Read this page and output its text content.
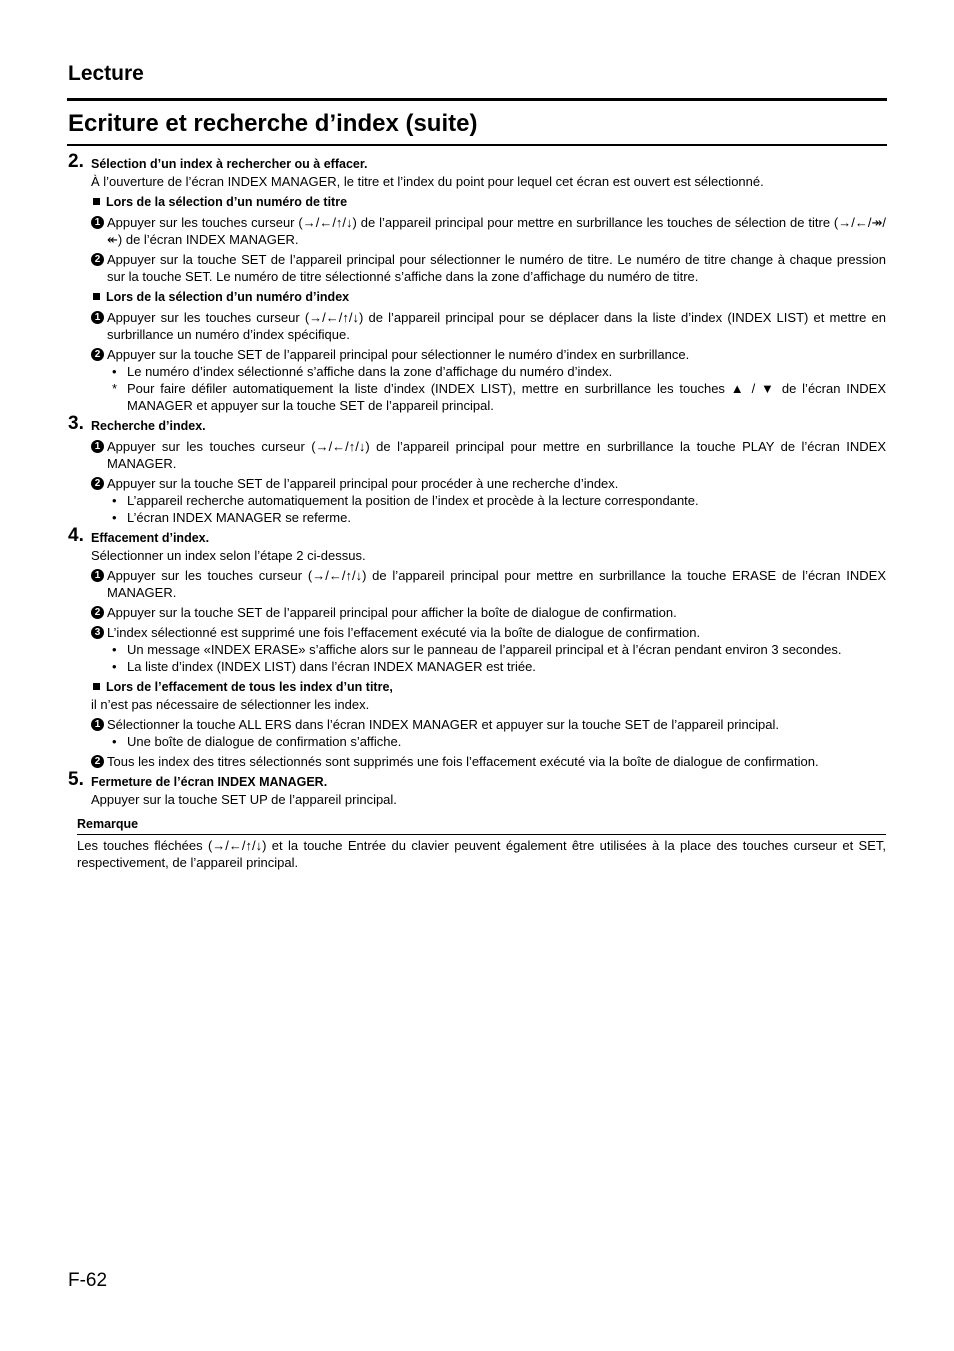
Lecture
Ecriture et recherche d’index (suite)
2. Sélection d’un index à rechercher ou à effacer.
À l’ouverture de l’écran INDEX MANAGER, le titre et l’index du point pour lequel cet écran est ouvert est sélectionné.
Lors de la sélection d’un numéro de titre
1 Appuyer sur les touches curseur (→/←/↑/↓) de l’appareil principal pour mettre en surbrillance les touches de sélection de titre (→/←/↠/↞) de l’écran INDEX MANAGER.
2 Appuyer sur la touche SET de l’appareil principal pour sélectionner le numéro de titre. Le numéro de titre change à chaque pression sur la touche SET. Le numéro de titre sélectionné s’affiche dans la zone d’affichage du numéro de titre.
Lors de la sélection d’un numéro d’index
1 Appuyer sur les touches curseur (→/←/↑/↓) de l’appareil principal pour se déplacer dans la liste d’index (INDEX LIST) et mettre en surbrillance un numéro d’index spécifique.
2 Appuyer sur la touche SET de l’appareil principal pour sélectionner le numéro d’index en surbrillance.
• Le numéro d’index sélectionné s’affiche dans la zone d’affichage du numéro d’index.
* Pour faire défiler automatiquement la liste d’index (INDEX LIST), mettre en surbrillance les touches ▲ / ▼ de l’écran INDEX MANAGER et appuyer sur la touche SET de l’appareil principal.
3. Recherche d’index.
1 Appuyer sur les touches curseur (→/←/↑/↓) de l’appareil principal pour mettre en surbrillance la touche PLAY de l’écran INDEX MANAGER.
2 Appuyer sur la touche SET de l’appareil principal pour procéder à une recherche d’index.
• L’appareil recherche automatiquement la position de l’index et procède à la lecture correspondante.
• L’écran INDEX MANAGER se referme.
4. Effacement d’index.
Sélectionner un index selon l’étape 2 ci-dessus.
1 Appuyer sur les touches curseur (→/←/↑/↓) de l’appareil principal pour mettre en surbrillance la touche ERASE de l’écran INDEX MANAGER.
2 Appuyer sur la touche SET de l’appareil principal pour afficher la boîte de dialogue de confirmation.
3 L’index sélectionné est supprimé une fois l’effacement exécuté via la boîte de dialogue de confirmation.
• Un message «INDEX ERASE» s’affiche alors sur le panneau de l’appareil principal et à l’écran pendant environ 3 secondes.
• La liste d’index (INDEX LIST) dans l’écran INDEX MANAGER est triée.
Lors de l’effacement de tous les index d’un titre,
il n’est pas nécessaire de sélectionner les index.
1 Sélectionner la touche ALL ERS dans l’écran INDEX MANAGER et appuyer sur la touche SET de l’appareil principal.
• Une boîte de dialogue de confirmation s’affiche.
2 Tous les index des titres sélectionnés sont supprimés une fois l’effacement exécuté via la boîte de dialogue de confirmation.
5. Fermeture de l’écran INDEX MANAGER.
Appuyer sur la touche SET UP de l’appareil principal.
Remarque
Les touches fléchées (→/←/↑/↓) et la touche Entrée du clavier peuvent également être utilisées à la place des touches curseur et SET, respectivement, de l’appareil principal.
F-62
